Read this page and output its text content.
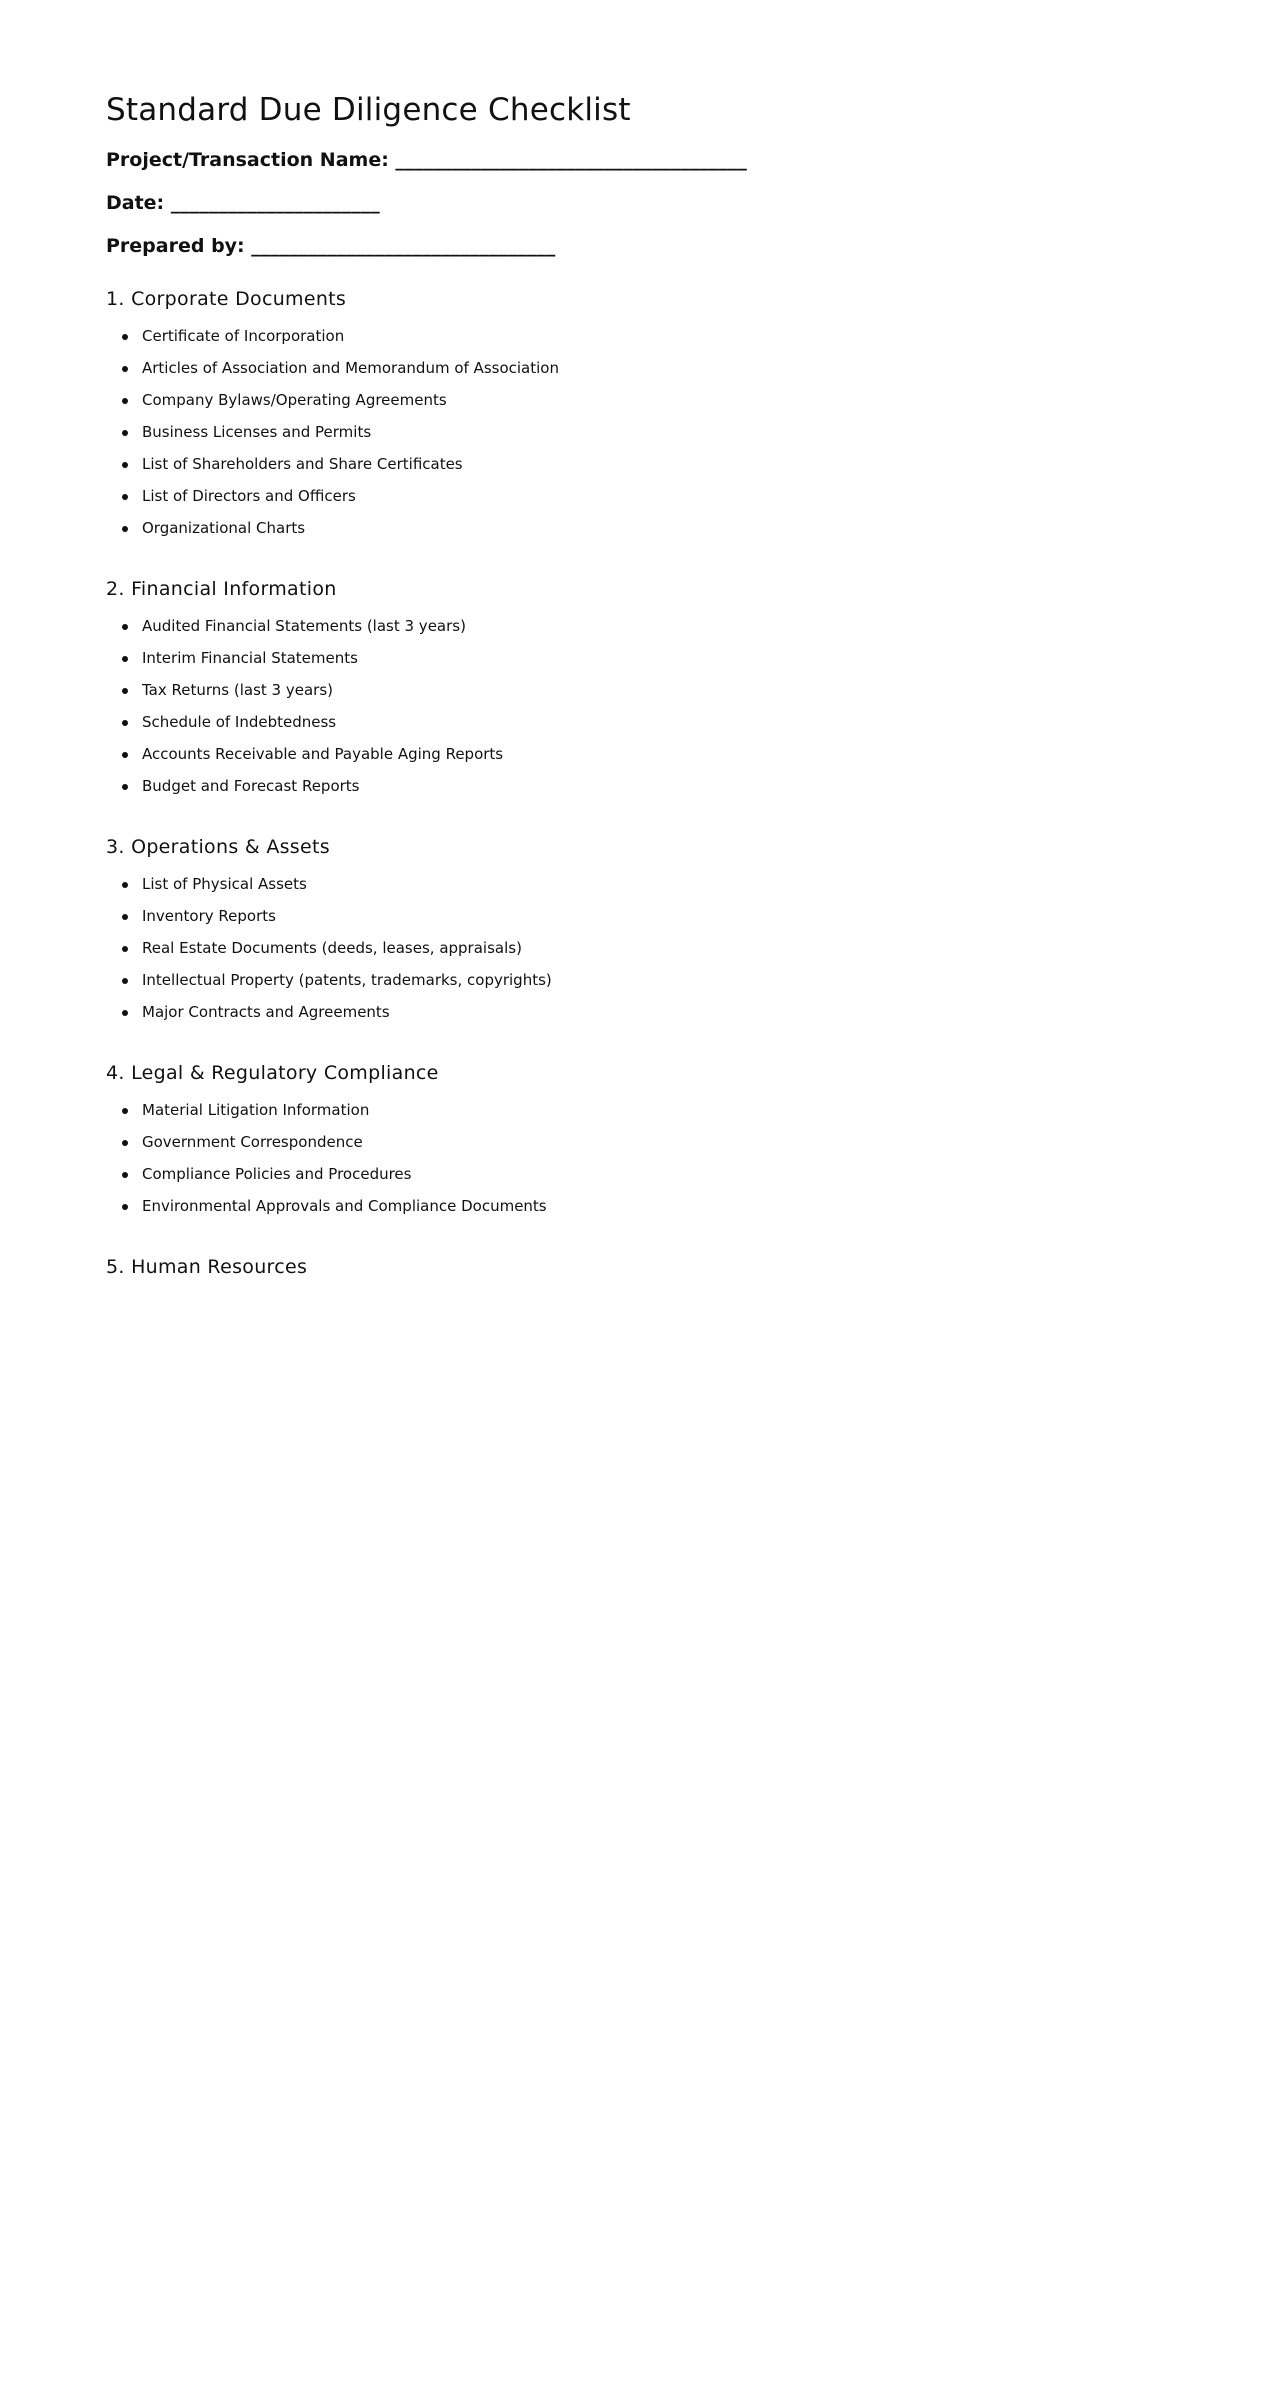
Standard Due Diligence Checklist

Project/Transaction Name: _____________________________________

Date: ______________________

Prepared by: ________________________________

1. Corporate Documents
Certificate of Incorporation
Articles of Association and Memorandum of Association
Company Bylaws/Operating Agreements
Business Licenses and Permits
List of Shareholders and Share Certificates
List of Directors and Officers
Organizational Charts
2. Financial Information
Audited Financial Statements (last 3 years)
Interim Financial Statements
Tax Returns (last 3 years)
Schedule of Indebtedness
Accounts Receivable and Payable Aging Reports
Budget and Forecast Reports
3. Operations & Assets
List of Physical Assets
Inventory Reports
Real Estate Documents (deeds, leases, appraisals)
Intellectual Property (patents, trademarks, copyrights)
Major Contracts and Agreements
4. Legal & Regulatory Compliance
Material Litigation Information
Government Correspondence
Compliance Policies and Procedures
Environmental Approvals and Compliance Documents
5. Human Resources
